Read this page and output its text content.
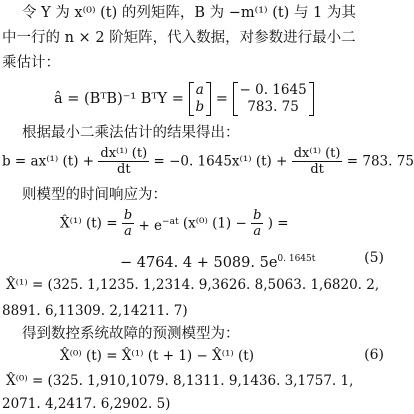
令 Y 为 x⁽⁰⁾ (t) 的列矩阵，B 为 −m⁽¹⁾ (t) 与 1 为其
中一行的 n × 2 阶矩阵，代入数据，对参数进行最小二
乘估计：
â = (BᵀB)⁻¹ BᵀY =
a
b =
− 0. 1645
783. 75
根据最小二乘法估计的结果得出：
b = ax⁽¹⁾ $(t) + \frac{\text{dx⁽¹⁾ (t)}}{dt} = -0$. 1645x⁽¹⁾ $(t) + \frac{\text{dx⁽¹⁾ (t)}}{dt} = 783$. 75
则模型的时间响应为：
X̂⁽¹⁾ $(t) = \frac{b}{a} + e^{-at}$ (x⁽⁰⁾ $(1) - \frac{b}{a}$ ) =
− 4764. 4 + 5089. $5e^{0. 1645t}$	(5)
X̂⁽¹⁾ = (325. 1,1235. 1,2314. 9,3626. 8,5063. 1,6820. 2,
8891. 6,11309. 2,14211. 7)
得到数控系统故障的预测模型为：
X̂⁽⁰⁾ (t) = X̂⁽¹⁾ (t + 1) − X̂⁽¹⁾ (t)	(6)
X̂⁽⁰⁾ = (325. 1,910,1079. 8,1311. 9,1436. 3,1757. 1,
2071. 4,2417. 6,2902. 5)
